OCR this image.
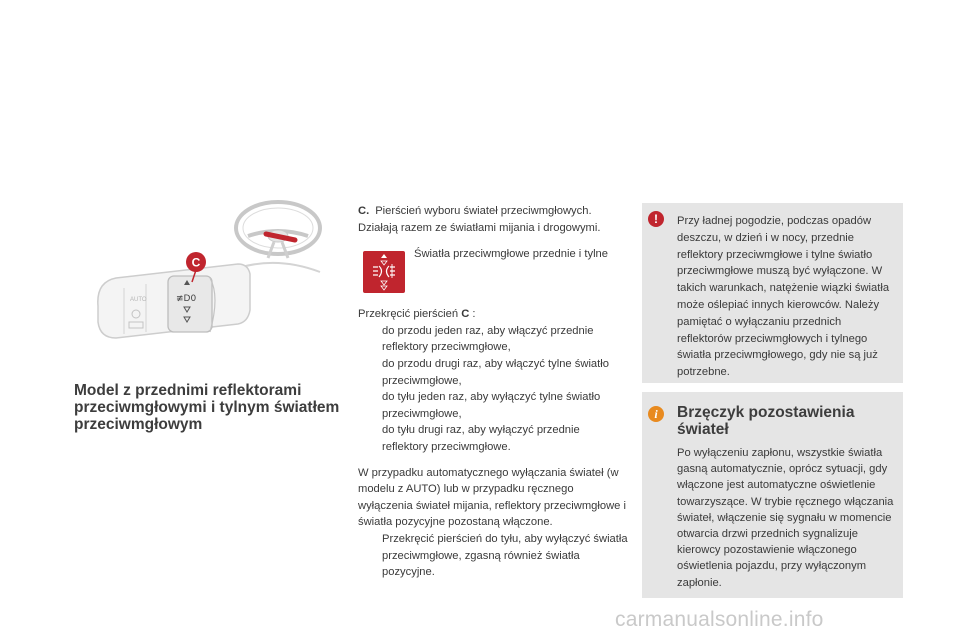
AUTO	≢D0
C
Model z przednimi reflektorami przeciwmgłowymi i tylnym światłem przeciwmgłowym

C. Pierścień wyboru świateł przeciwmgłowych. Działają razem ze światłami mijania i drogowymi.

Światła przeciwmgłowe przednie i tylne

Przekręcić pierścień C :

do przodu jeden raz, aby włączyć przednie reflektory przeciwmgłowe,
do przodu drugi raz, aby włączyć tylne światło przeciwmgłowe,
do tyłu jeden raz, aby wyłączyć tylne światło przeciwmgłowe,
do tyłu drugi raz, aby wyłączyć przednie reflektory przeciwmgłowe.

W przypadku automatycznego wyłączania świateł (w modelu z AUTO) lub w przypadku ręcznego wyłączenia świateł mijania, reflektory przeciwmgłowe i światła pozycyjne pozostaną włączone.

Przekręcić pierścień do tyłu, aby wyłączyć światła przeciwmgłowe, zgasną również światła pozycyjne.
!	Przy ładnej pogodzie, podczas opadów deszczu, w dzień i w nocy, przednie reflektory przeciwmgłowe i tylne światło przeciwmgłowe muszą być wyłączone. W takich warunkach, natężenie wiązki światła może oślepiać innych kierowców. Należy pamiętać o wyłączaniu przednich reflektorów przeciwmgłowych i tylnego światła przeciwmgłowego, gdy nie są już potrzebne.

i	Brzęczyk pozostawienia świateł

Po wyłączeniu zapłonu, wszystkie światła gasną automatycznie, oprócz sytuacji, gdy włączone jest automatyczne oświetlenie towarzyszące. W trybie ręcznego włączania świateł, włączenie się sygnału w momencie otwarcia drzwi przednich sygnalizuje kierowcy pozostawienie włączonego oświetlenia pojazdu, przy wyłączonym zapłonie.

carmanualsonline.info
